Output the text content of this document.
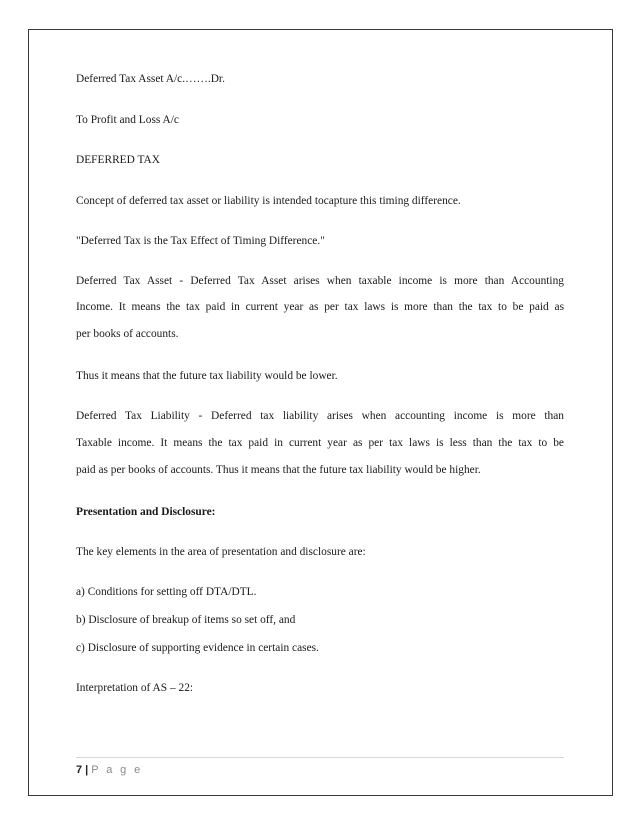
Deferred Tax Asset A/c.…….Dr.
To Profit and Loss A/c
DEFERRED TAX
Concept of deferred tax asset or liability is intended tocapture this timing difference.
"Deferred Tax is the Tax Effect of Timing Difference."
Deferred Tax Asset - Deferred Tax Asset arises when taxable income is more than Accounting
Income. It means the tax paid in current year as per tax laws is more than the tax to be paid as
per books of accounts.
Thus it means that the future tax liability would be lower.
Deferred Tax Liability - Deferred tax liability arises when accounting income is more than
Taxable income. It means the tax paid in current year as per tax laws is less than the tax to be
paid as per books of accounts. Thus it means that the future tax liability would be higher.
Presentation and Disclosure:
The key elements in the area of presentation and disclosure are:
a) Conditions for setting off DTA/DTL.
b) Disclosure of breakup of items so set off, and
c) Disclosure of supporting evidence in certain cases.
Interpretation of AS – 22:
7 | P a g e
